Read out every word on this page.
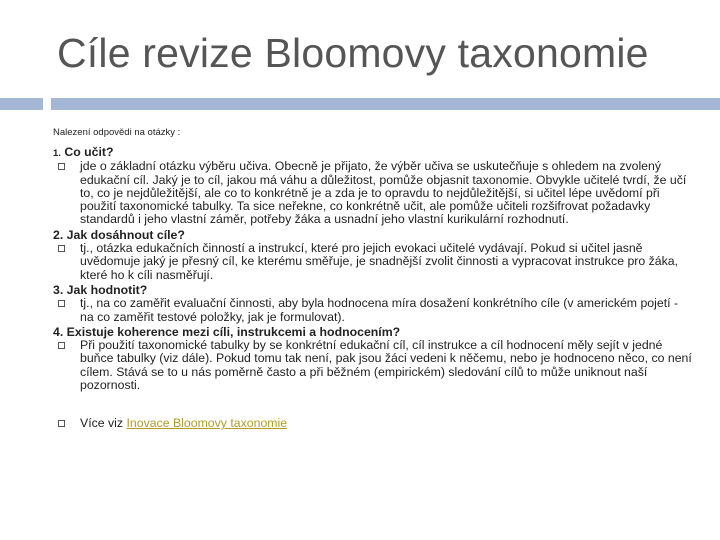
Cíle revize Bloomovy taxonomie
Nalezení odpovědi na otázky :
1. Co učit?
jde o základní otázku výběru učiva. Obecně je přijato, že výběr učiva se uskutečňuje s ohledem na zvolený edukační cíl. Jaký je to cíl, jakou má váhu a důležitost, pomůže objasnit taxonomie. Obvykle učitelé tvrdí, že učí to, co je nejdůležitější, ale co to konkrétně je a zda je to opravdu to nejdůležitější, si učitel lépe uvědomí při použití taxonomické tabulky. Ta sice neřekne, co konkrétně učit, ale pomůže učiteli rozšifrovat požadavky standardů i jeho vlastní záměr, potřeby žáka a usnadní jeho vlastní kurikulární rozhodnutí.
2. Jak dosáhnout cíle?
tj., otázka edukačních činností a instrukcí, které pro jejich evokaci učitelé vydávají. Pokud si učitel jasně uvědomuje jaký je přesný cíl, ke kterému směřuje, je snadnější zvolit činnosti a vypracovat instrukce pro žáka, které ho k cíli nasměřují.
3. Jak hodnotit?
tj., na co zaměřit evaluační činnosti, aby byla hodnocena míra dosažení konkrétního cíle (v americkém pojetí - na co zaměřit testové položky, jak je formulovat).
4. Existuje koherence mezi cíli, instrukcemi a hodnocením?
Při použití taxonomické tabulky by se konkrétní edukační cíl, cíl instrukce a cíl hodnocení měly sejít v jedné buňce tabulky (viz dále). Pokud tomu tak není, pak jsou žáci vedeni k něčemu, nebo je hodnoceno něco, co není cílem. Stává se to u nás poměrně často a při běžném (empirickém) sledování cílů to může uniknout naší pozornosti.
Více viz Inovace Bloomovy taxonomie
